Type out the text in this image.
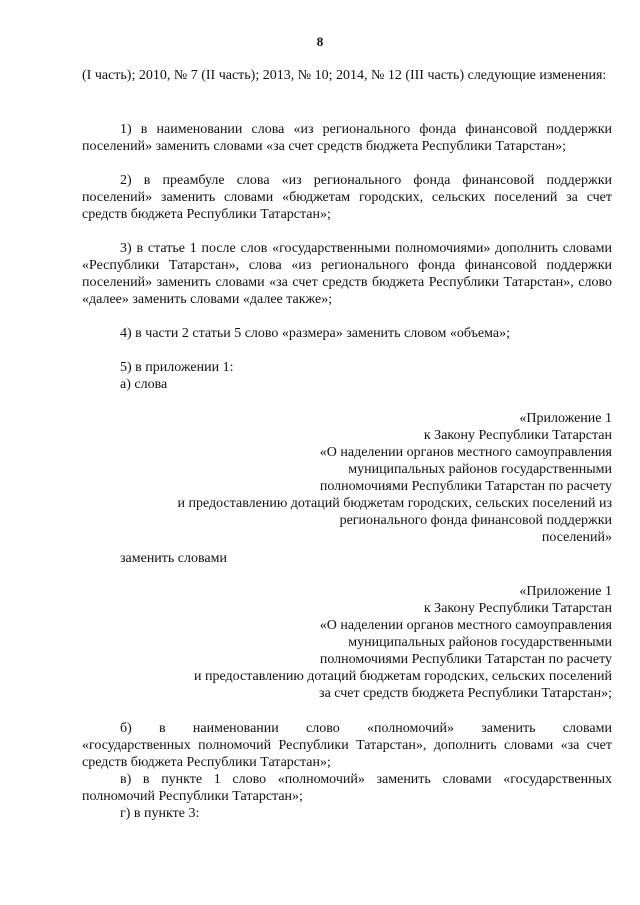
8

(I часть); 2010, № 7 (II часть); 2013, № 10; 2014, № 12 (III часть) следующие изменения:

1) в наименовании слова «из регионального фонда финансовой поддержки поселений» заменить словами «за счет средств бюджета Республики Татарстан»;

2) в преамбуле слова «из регионального фонда финансовой поддержки поселений» заменить словами «бюджетам городских, сельских поселений за счет средств бюджета Республики Татарстан»;

3) в статье 1 после слов «государственными полномочиями» дополнить словами «Республики Татарстан», слова «из регионального фонда финансовой поддержки поселений» заменить словами «за счет средств бюджета Республики Татарстан», слово «далее» заменить словами «далее также»;

4) в части 2 статьи 5 слово «размера» заменить словом «объема»;

5) в приложении 1:

а) слова

«Приложение 1
к Закону Республики Татарстан
«О наделении органов местного самоуправления
муниципальных районов государственными
полномочиями Республики Татарстан по расчету
и предоставлению дотаций бюджетам городских, сельских поселений из
регионального фонда финансовой поддержки
поселений»

заменить словами

«Приложение 1
к Закону Республики Татарстан
«О наделении органов местного самоуправления
муниципальных районов государственными
полномочиями Республики Татарстан по расчету
и предоставлению дотаций бюджетам городских, сельских поселений
за счет средств бюджета Республики Татарстан»;
б) в наименовании слово «полномочий» заменить словами
«государственных полномочий Республики Татарстан», дополнить словами «за счет средств бюджета Республики Татарстан»;

в) в пункте 1 слово «полномочий» заменить словами «государственных полномочий Республики Татарстан»;

г) в пункте 3:
